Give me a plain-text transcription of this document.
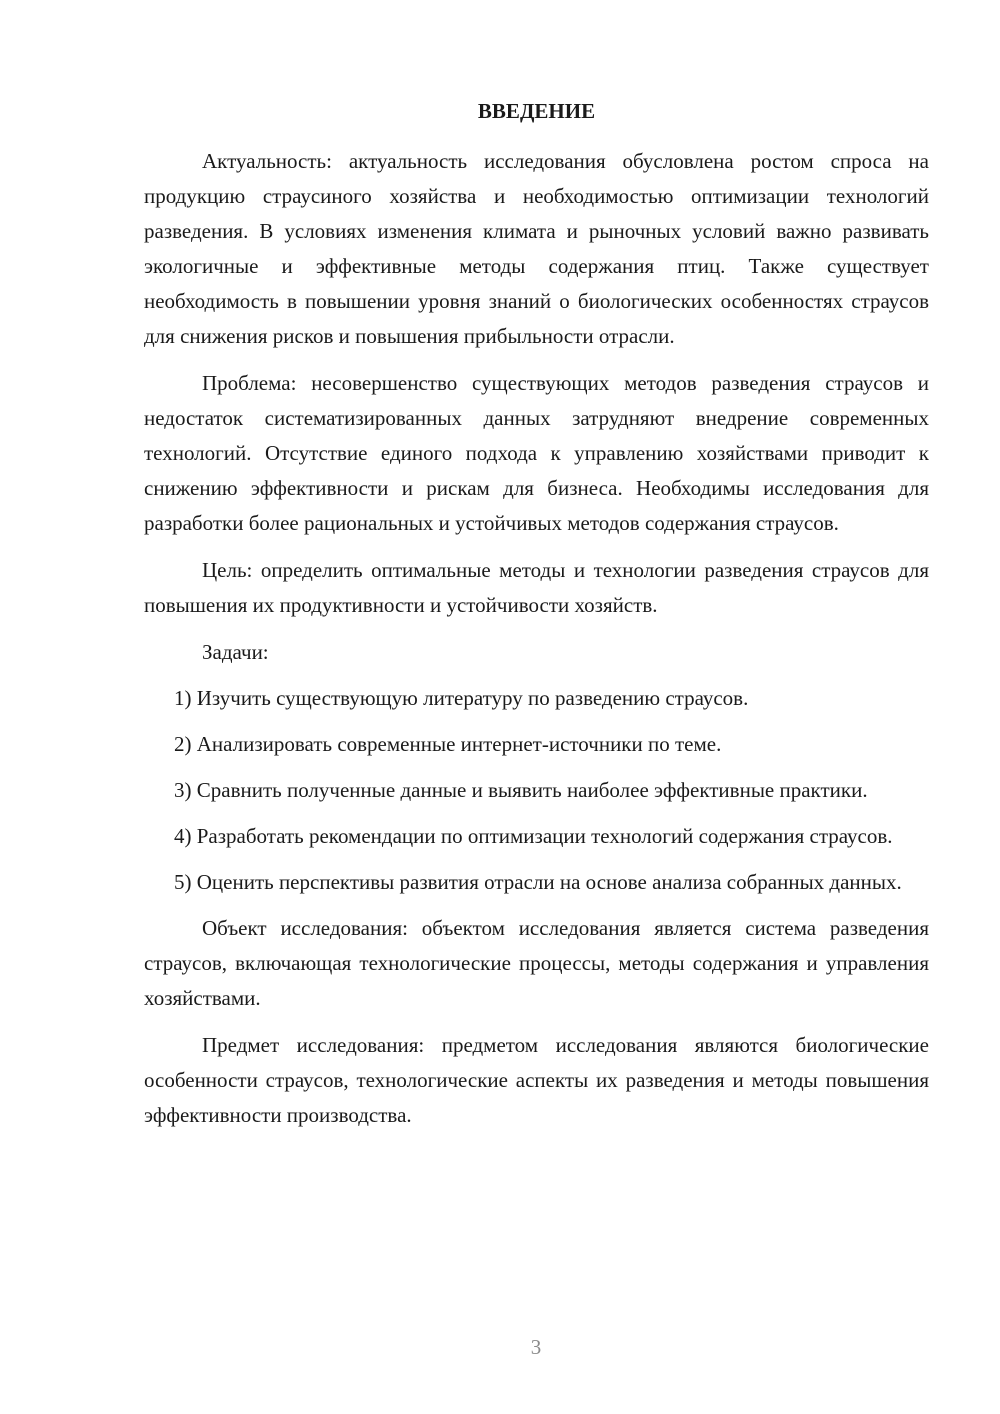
ВВЕДЕНИЕ

Актуальность: актуальность исследования обусловлена ростом спроса на продукцию страусиного хозяйства и необходимостью оптимизации технологий разведения. В условиях изменения климата и рыночных условий важно развивать экологичные и эффективные методы содержания птиц. Также существует необходимость в повышении уровня знаний о биологических особенностях страусов для снижения рисков и повышения прибыльности отрасли.

Проблема: несовершенство существующих методов разведения страусов и недостаток систематизированных данных затрудняют внедрение современных технологий. Отсутствие единого подхода к управлению хозяйствами приводит к снижению эффективности и рискам для бизнеса. Необходимы исследования для разработки более рациональных и устойчивых методов содержания страусов.

Цель: определить оптимальные методы и технологии разведения страусов для повышения их продуктивности и устойчивости хозяйств.

Задачи:

1) Изучить существующую литературу по разведению страусов.

2) Анализировать современные интернет-источники по теме.

3) Сравнить полученные данные и выявить наиболее эффективные практики.

4) Разработать рекомендации по оптимизации технологий содержания страусов.

5) Оценить перспективы развития отрасли на основе анализа собранных данных.

Объект исследования: объектом исследования является система разведения страусов, включающая технологические процессы, методы содержания и управления хозяйствами.

Предмет исследования: предметом исследования являются биологические особенности страусов, технологические аспекты их разведения и методы повышения эффективности производства.

3
